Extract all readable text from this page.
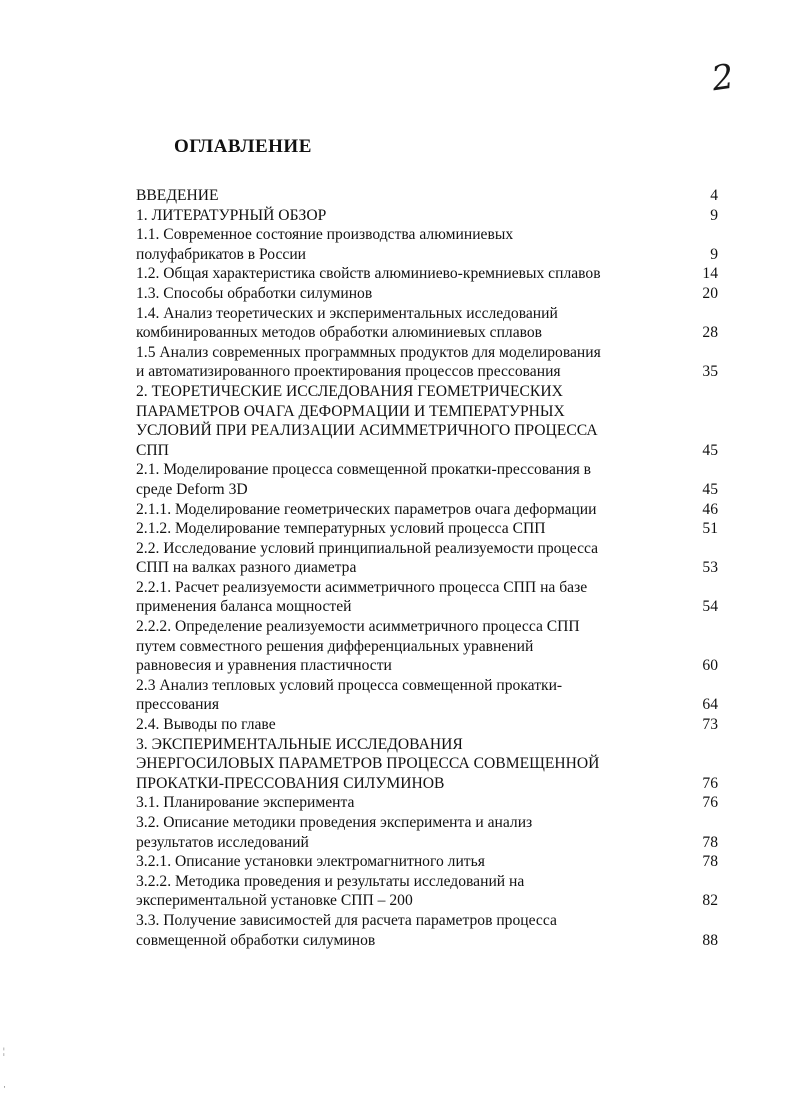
2
ОГЛАВЛЕНИЕ
ВВЕДЕНИЕ	4
1. ЛИТЕРАТУРНЫЙ ОБЗОР	9
1.1. Современное состояние производства алюминиевых
полуфабрикатов в России	9
1.2. Общая характеристика свойств алюминиево-кремниевых сплавов	14
1.3. Способы обработки силуминов	20
1.4. Анализ теоретических и экспериментальных исследований
комбинированных методов обработки алюминиевых сплавов	28
1.5 Анализ современных программных продуктов для моделирования
и автоматизированного проектирования процессов прессования	35
2. ТЕОРЕТИЧЕСКИЕ ИССЛЕДОВАНИЯ ГЕОМЕТРИЧЕСКИХ
ПАРАМЕТРОВ ОЧАГА ДЕФОРМАЦИИ И ТЕМПЕРАТУРНЫХ
УСЛОВИЙ ПРИ РЕАЛИЗАЦИИ АСИММЕТРИЧНОГО ПРОЦЕССА
СПП	45
2.1. Моделирование процесса совмещенной прокатки-прессования в
среде Deform 3D	45
2.1.1. Моделирование геометрических параметров очага деформации	46
2.1.2. Моделирование температурных условий процесса СПП	51
2.2. Исследование условий принципиальной реализуемости процесса
СПП на валках разного диаметра	53
2.2.1. Расчет реализуемости асимметричного процесса СПП на базе
применения баланса мощностей	54
2.2.2. Определение реализуемости асимметричного процесса СПП
путем совместного решения дифференциальных уравнений
равновесия и уравнения пластичности	60
2.3 Анализ тепловых условий процесса совмещенной прокатки-
прессования	64
2.4. Выводы по главе	73
3. ЭКСПЕРИМЕНТАЛЬНЫЕ ИССЛЕДОВАНИЯ
ЭНЕРГОСИЛОВЫХ ПАРАМЕТРОВ ПРОЦЕССА СОВМЕЩЕННОЙ
ПРОКАТКИ-ПРЕССОВАНИЯ СИЛУМИНОВ	76
3.1. Планирование эксперимента	76
3.2. Описание методики проведения эксперимента и анализ
результатов исследований	78
3.2.1. Описание установки электромагнитного литья	78
3.2.2. Методика проведения и результаты исследований на
экспериментальной установке СПП – 200	82
3.3. Получение зависимостей для расчета параметров процесса
совмещенной обработки силуминов	88
¦
·
